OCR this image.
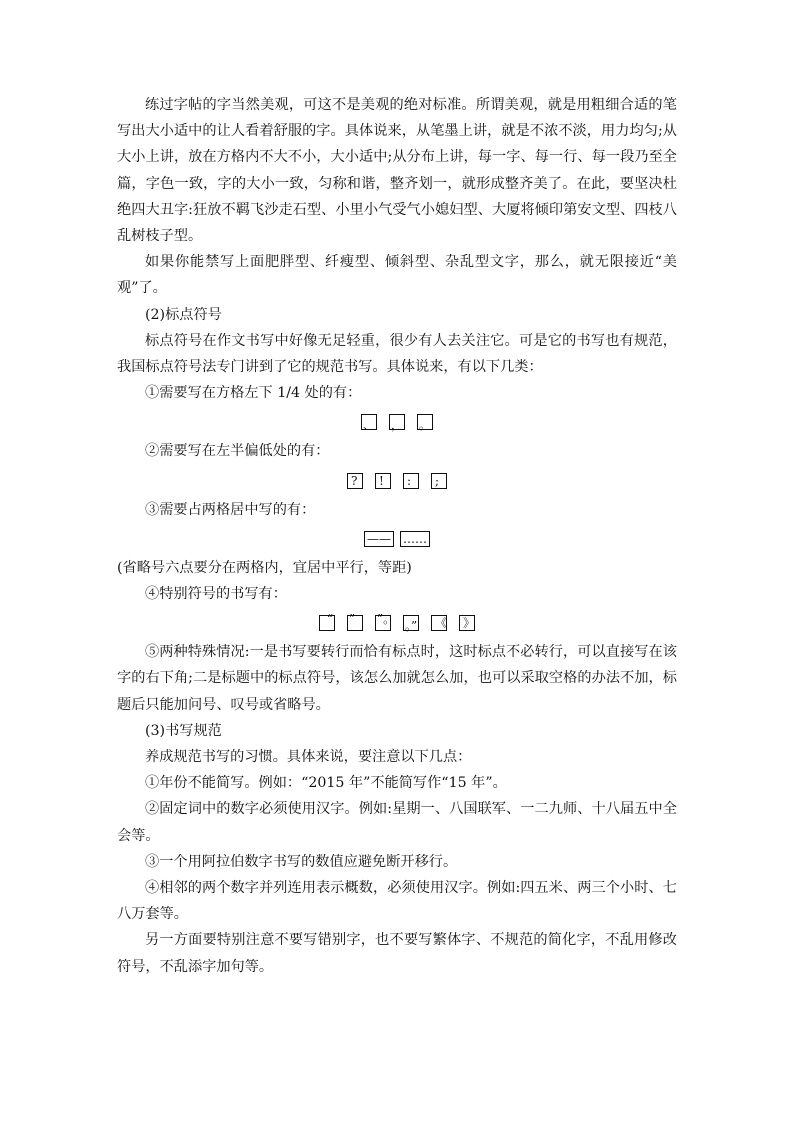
练过字帖的字当然美观，可这不是美观的绝对标准。所谓美观，就是用粗细合适的笔写出大小适中的让人看着舒服的字。具体说来，从笔墨上讲，就是不浓不淡，用力均匀;从大小上讲，放在方格内不大不小，大小适中;从分布上讲，每一字、每一行、每一段乃至全篇，字色一致，字的大小一致，匀称和谐，整齐划一，就形成整齐美了。在此，要坚决杜绝四大丑字:狂放不羁飞沙走石型、小里小气受气小媳妇型、大厦将倾印第安文型、四枝八乱树枝子型。

如果你能禁写上面肥胖型、纤瘦型、倾斜型、杂乱型文字，那么，就无限接近“美观”了。

(2)标点符号

标点符号在作文书写中好像无足轻重，很少有人去关注它。可是它的书写也有规范，我国标点符号法专门讲到了它的规范书写。具体说来，有以下几类：

①需要写在方格左下 1/4 处的有：

、 ， 。

②需要写在左半偏低处的有：

? ! : ;

③需要占两格居中写的有：

—— ……

(省略号六点要分在两格内，宜居中平行，等距)

④特别符号的书写有：

“ ” ”。 。” 《 》

⑤两种特殊情况:一是书写要转行而恰有标点时，这时标点不必转行，可以直接写在该字的右下角;二是标题中的标点符号，该怎么加就怎么加，也可以采取空格的办法不加，标题后只能加问号、叹号或省略号。

(3)书写规范

养成规范书写的习惯。具体来说，要注意以下几点：

①年份不能简写。例如：“2015 年”不能简写作“15 年”。

②固定词中的数字必须使用汉字。例如:星期一、八国联军、一二九师、十八届五中全会等。

③一个用阿拉伯数字书写的数值应避免断开移行。

④相邻的两个数字并列连用表示概数，必须使用汉字。例如:四五米、两三个小时、七八万套等。

另一方面要特别注意不要写错别字，也不要写繁体字、不规范的简化字，不乱用修改符号，不乱添字加句等。
